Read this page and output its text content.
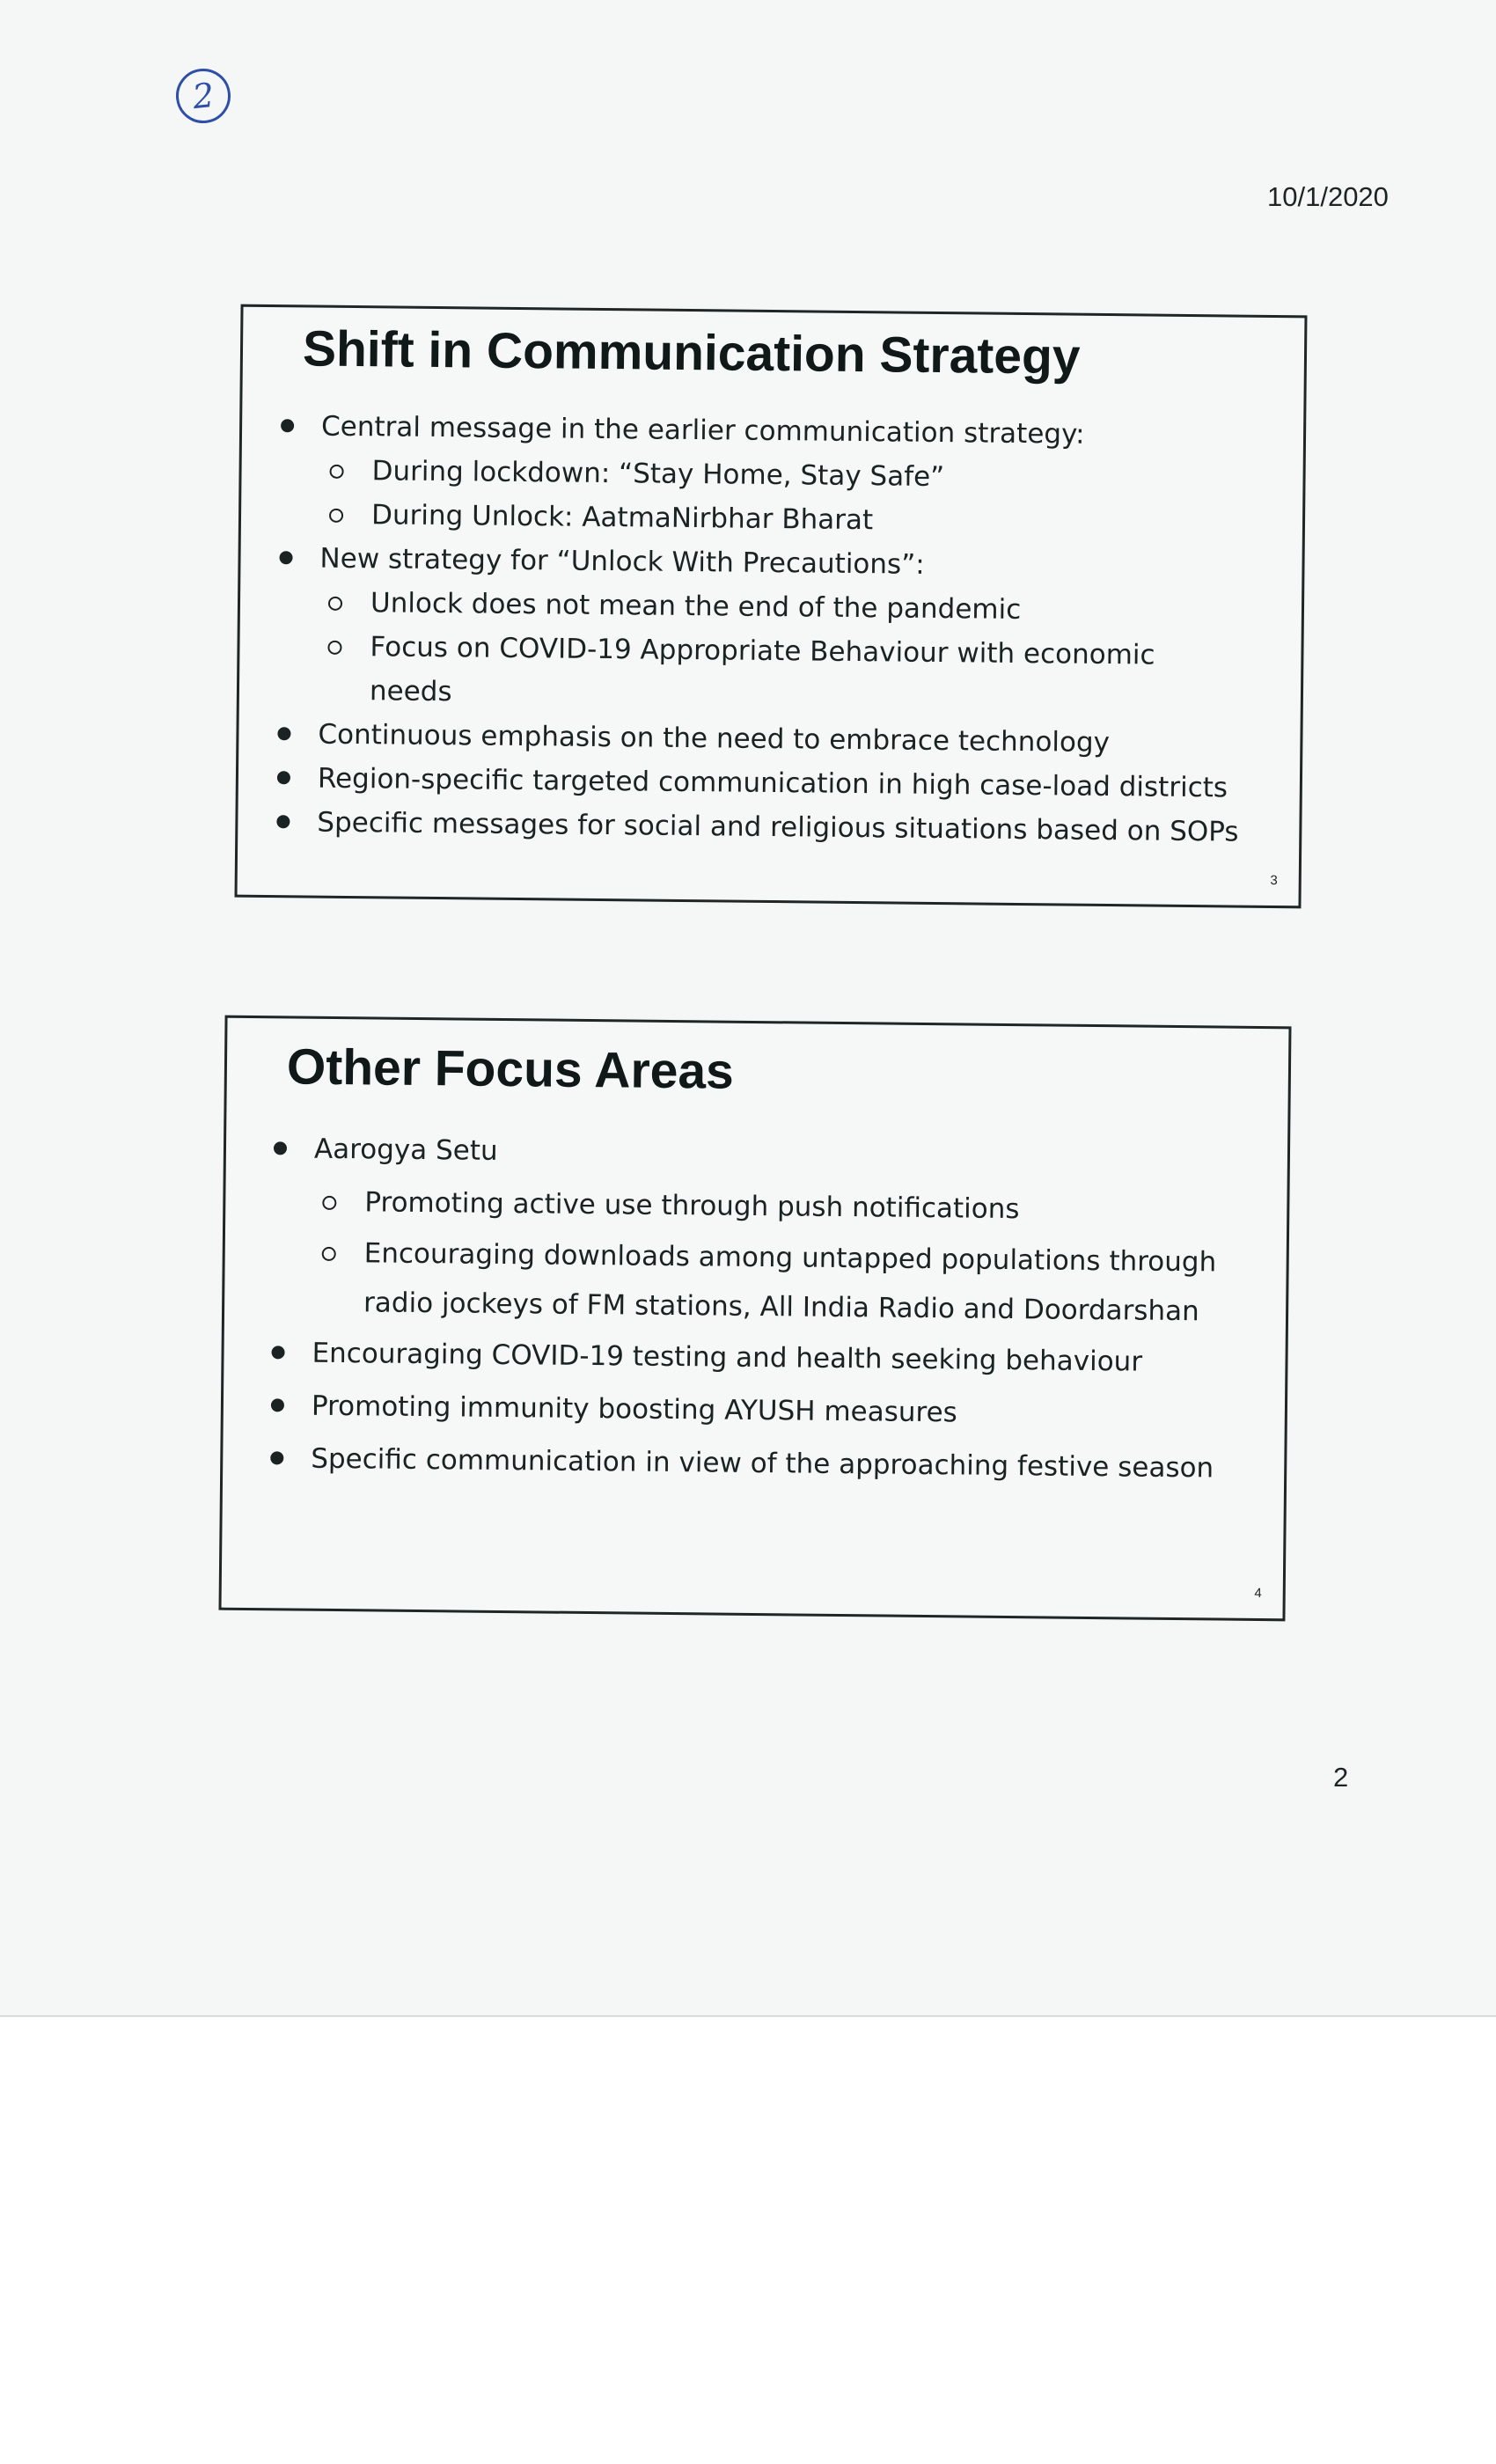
2
10/1/2020
Shift in Communication Strategy
Central message in the earlier communication strategy:
During lockdown: “Stay Home, Stay Safe”
During Unlock: AatmaNirbhar Bharat
New strategy for “Unlock With Precautions”:
Unlock does not mean the end of the pandemic
Focus on COVID-19 Appropriate Behaviour with economic
needs
Continuous emphasis on the need to embrace technology
Region-specific targeted communication in high case-load districts
Specific messages for social and religious situations based on SOPs
3
Other Focus Areas
Aarogya Setu
Promoting active use through push notifications
Encouraging downloads among untapped populations through
radio jockeys of FM stations, All India Radio and Doordarshan
Encouraging COVID-19 testing and health seeking behaviour
Promoting immunity boosting AYUSH measures
Specific communication in view of the approaching festive season
4
2
